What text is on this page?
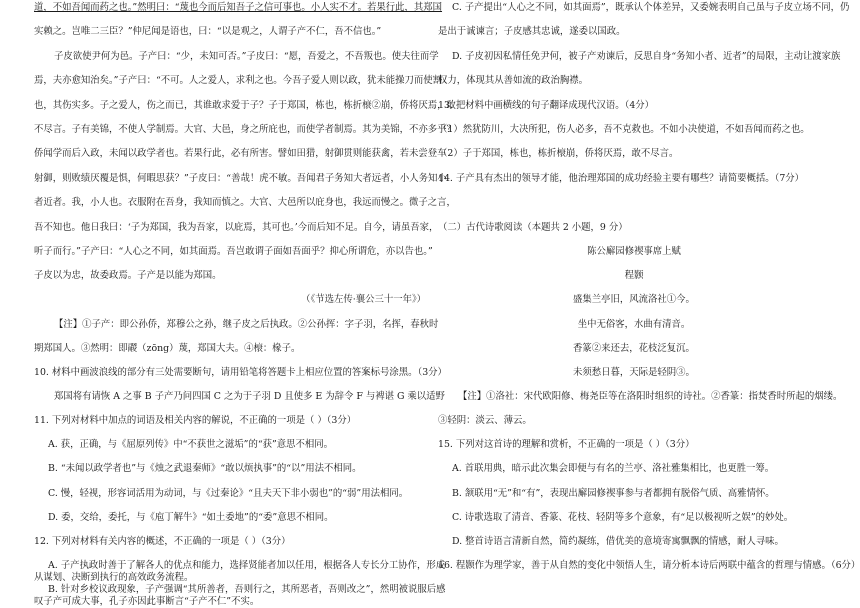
道，不如吾闻而药之也。”然明曰：“蔑也今而后知吾子之信可事也。小人实不才。若果行此，其郑国
实赖之。岂唯二三臣？”仲尼闻是语也，曰：“以是观之，人谓子产不仁，吾不信也。”
子皮欲使尹何为邑。子产曰：“少，未知可否。”子皮曰：“愿，吾爱之，不吾叛也。使夫往而学
焉，夫亦愈知治矣。”子产曰：“不可。人之爱人，求利之也。今吾子爱人则以政，犹未能操刀而使割
也，其伤实多。子之爱人，伤之而已，其谁敢求爱于子？子于郑国，栋也，栋折榱②崩，侨将厌焉，敢
不尽言。子有美锦，不使人学制焉。大官、大邑，身之所庇也，而使学者制焉。其为美锦，不亦多乎？
侨闻学而后入政，未闻以政学者也。若果行此，必有所害。譬如田猎，射御贯则能获禽，若未尝登车
射御，则败绩厌覆是惧，何暇思获？”子皮曰：“善哉！虎不敏。吾闻君子务知大者远者，小人务知小
者近者。我，小人也。衣服附在吾身，我知而慎之。大官、大邑所以庇身也，我远而慢之。微子之言，
吾不知也。他日我曰：‘子为郑国，我为吾家，以庇焉，其可也。’今而后知不足。自今，请虽吾家，
听子而行。”子产曰：“人心之不同，如其面焉。吾岂敢谓子面如吾面乎？抑心所谓危，亦以告也。”
子皮以为忠，故委政焉。子产是以能为郑国。
（《节选左传·襄公三十一年》）
【注】①子产：即公孙侨，郑穆公之孙，继子皮之后执政。②公孙挥：字子羽，名挥，春秋时
期郑国人。③然明：即鬷（zōng）蔑，郑国大夫。④榱：椽子。
10. 材料中画波浪线的部分有三处需要断句，请用铅笔将答题卡上相应位置的答案标号涂黑。（3分）
郑国将有请恢 A 之事 B 子产乃问四国 C 之为于子羽 D 且使多 E 为辞令 F 与裨谌 G 乘以适野
11. 下列对材料中加点的词语及相关内容的解说，不正确的一项是（ ）（3分）
A. 获，正确，与《屈原列传》中“不获世之滋垢”的“获”意思不相同。
B. “未闻以政学者也”与《烛之武退秦师》“敢以烦执事”的“以”用法不相同。
C. 慢，轻视，形容词活用为动词，与《过秦论》“且夫天下非小弱也”的“弱”用法相同。
D. 委，交给，委托，与《庖丁解牛》“如土委地”的“委”意思不相同。
12. 下列对材料有关内容的概述，不正确的一项是（ ）（3分）
A. 子产执政时善于了解各人的优点和能力，选择贤能者加以任用，根据各人专长分工协作，形成
从谋划、决断到执行的高效政务流程。
B. 针对乡校议政现象，子产强调“其所善者，吾则行之，其所恶者，吾则改之”，然明被说服后感
叹子产可成大事，孔子亦因此事断言“子产不仁”不实。
C. 子产提出“人心之不同，如其面焉”，既承认个体差异，又委婉表明自己虽与子皮立场不同，仍
是出于诚谏言；子皮感其忠诚，遂委以国政。
D. 子皮初因私情任免尹何，被子产劝谏后，反思自身“务知小者、近者”的局限，主动让渡家族
权力，体现其从善如流的政治胸襟。
13. 把材料中画横线的句子翻译成现代汉语。（4分）
（1）然犹防川，大决所犯，伤人必多，吾不克救也。不如小决使道，不如吾闻而药之也。
（2）子于郑国，栋也，栋折榱崩，侨将厌焉，敢不尽言。
14. 子产具有杰出的领导才能，他治理郑国的成功经验主要有哪些？请简要概括。（7分）
（二）古代诗歌阅读（本题共 2 小题，9 分）
陈公廨园修禊事席上赋
程颢
盛集兰亭旧，风流洛社①今。
坐中无俗客，水曲有清音。
香篆②来还去，花枝泛复沉。
未须愁日暮，天际是轻阴③。
【注】①洛社：宋代欧阳修、梅尧臣等在洛阳时组织的诗社。②香篆：指焚香时所起的烟缕。
③轻阴：淡云、薄云。
15. 下列对这首诗的理解和赏析，不正确的一项是（ ）（3分）
A. 首联用典，暗示此次集会即便与有名的兰亭、洛社雅集相比，也更胜一筹。
B. 颔联用“无”和“有”，表现出廨园修禊事参与者都拥有脱俗气质、高雅情怀。
C. 诗歌选取了清音、香篆、花枝、轻阴等多个意象，有“足以极视听之娱”的妙处。
D. 整首诗语言清新自然，简约凝练，借优美的意境寄寓飘飘的情感，耐人寻味。
16. 程颢作为理学家，善于从自然的变化中领悟人生，请分析本诗后两联中蕴含的哲理与情感。（6分）
